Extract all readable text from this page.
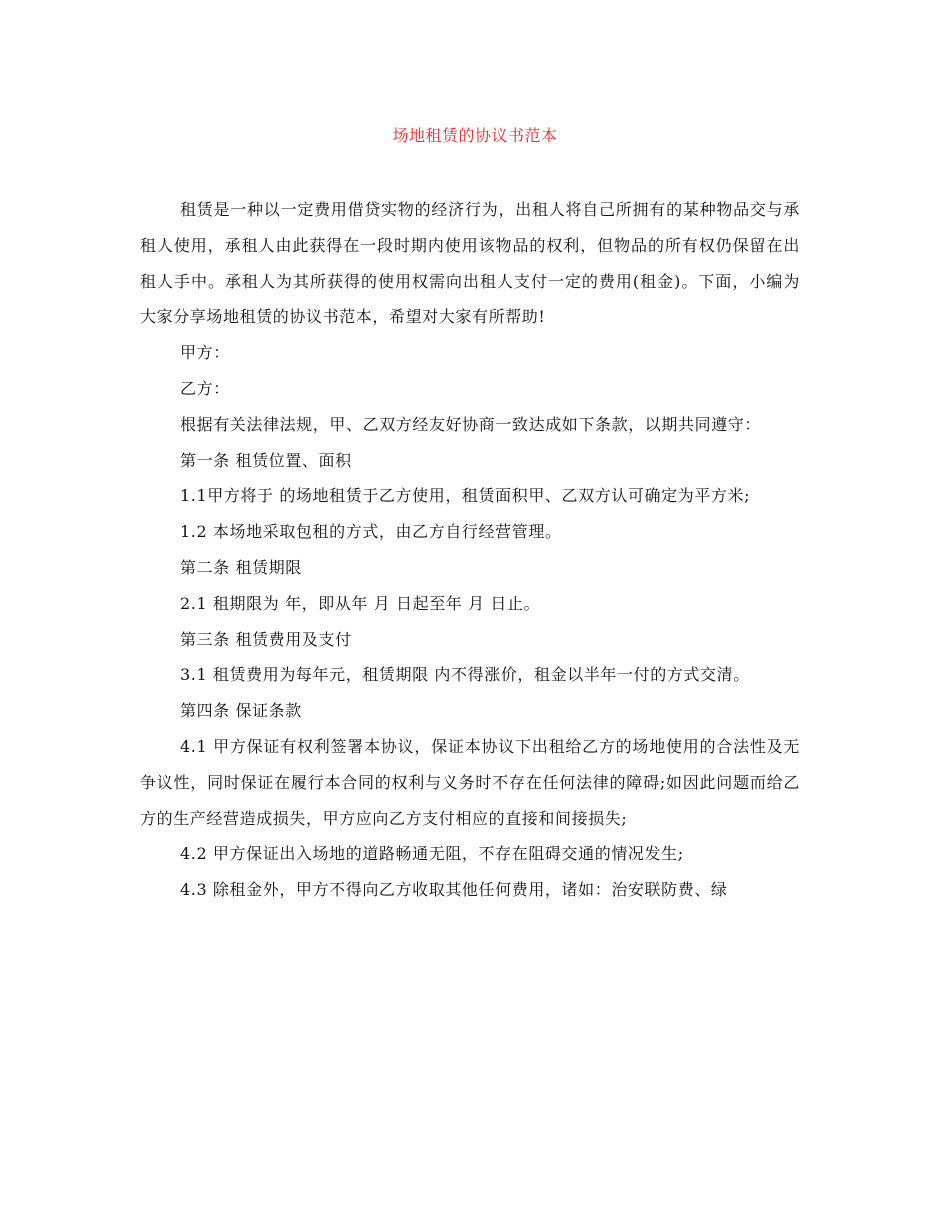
场地租赁的协议书范本

租赁是一种以一定费用借贷实物的经济行为，出租人将自己所拥有的某种物品交与承租人使用，承租人由此获得在一段时期内使用该物品的权利，但物品的所有权仍保留在出租人手中。承租人为其所获得的使用权需向出租人支付一定的费用(租金)。下面，小编为大家分享场地租赁的协议书范本，希望对大家有所帮助!

甲方：

乙方：

根据有关法律法规，甲、乙双方经友好协商一致达成如下条款，以期共同遵守：

第一条 租赁位置、面积

1.1甲方将于 的场地租赁于乙方使用，租赁面积甲、乙双方认可确定为平方米;

1.2 本场地采取包租的方式，由乙方自行经营管理。

第二条 租赁期限

2.1 租期限为 年，即从年 月 日起至年 月 日止。

第三条 租赁费用及支付

3.1 租赁费用为每年元，租赁期限 内不得涨价，租金以半年一付的方式交清。

第四条 保证条款

4.1 甲方保证有权利签署本协议，保证本协议下出租给乙方的场地使用的合法性及无争议性，同时保证在履行本合同的权利与义务时不存在任何法律的障碍;如因此问题而给乙方的生产经营造成损失，甲方应向乙方支付相应的直接和间接损失;

4.2 甲方保证出入场地的道路畅通无阻，不存在阻碍交通的情况发生;

4.3 除租金外，甲方不得向乙方收取其他任何费用，诸如：治安联防费、绿
